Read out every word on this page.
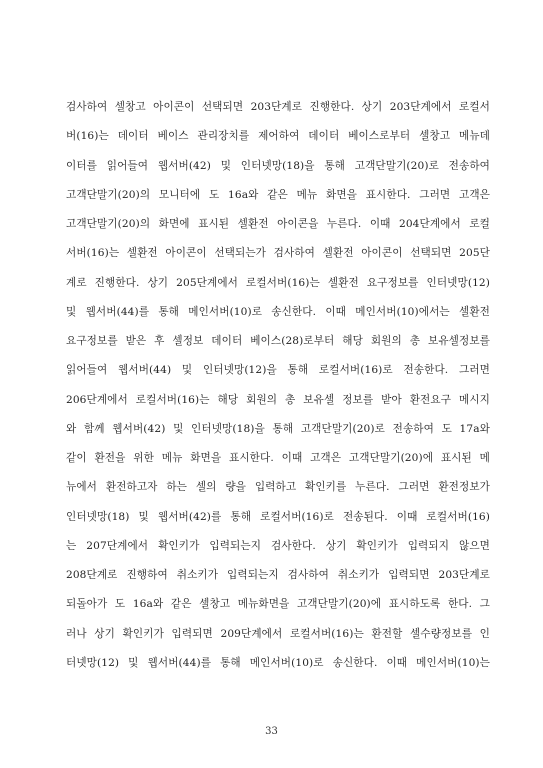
검사하여 셀창고 아이콘이 선택되면 203단계로 진행한다. 상기 203단계에서 로컬서
버(16)는 데이터 베이스 관리장치를 제어하여 데이터 베이스로부터 셀창고 메뉴데
이터를 읽어들여 웹서버(42) 및 인터넷망(18)을 통해 고객단말기(20)로 전송하여
고객단말기(20)의 모니터에 도 16a와 같은 메뉴 화면을 표시한다. 그러면 고객은
고객단말기(20)의 화면에 표시된 셀환전 아이콘을 누른다. 이때 204단계에서 로컬
서버(16)는 셀환전 아이콘이 선택되는가 검사하여 셀환전 아이콘이 선택되면 205단
계로 진행한다. 상기 205단계에서 로컬서버(16)는 셀환전 요구정보를 인터넷망(12)
및 웹서버(44)를 통해 메인서버(10)로 송신한다. 이때 메인서버(10)에서는 셀환전
요구정보를 받은 후 셀정보 데이터 베이스(28)로부터 해당 회원의 총 보유셀정보를
읽어들여 웹서버(44) 및 인터넷망(12)을 통해 로컬서버(16)로 전송한다. 그러면
206단계에서 로컬서버(16)는 해당 회원의 총 보유셀 정보를 받아 환전요구 메시지
와 함께 웹서버(42) 및 인터넷망(18)을 통해 고객단말기(20)로 전송하여 도 17a와
같이 환전을 위한 메뉴 화면을 표시한다. 이때 고객은 고객단말기(20)에 표시된 메
뉴에서 환전하고자 하는 셀의 량을 입력하고 확인키를 누른다. 그러면 환전정보가
인터넷망(18) 및 웹서버(42)를 통해 로컬서버(16)로 전송된다. 이때 로컬서버(16)
는 207단계에서 확인키가 입력되는지 검사한다. 상기 확인키가 입력되지 않으면
208단계로 진행하여 취소키가 입력되는지 검사하여 취소키가 입력되면 203단계로
되돌아가 도 16a와 같은 셀창고 메뉴화면을 고객단말기(20)에 표시하도록 한다. 그
러나 상기 확인키가 입력되면 209단계에서 로컬서버(16)는 환전할 셀수량정보를 인
터넷망(12) 및 웹서버(44)를 통해 메인서버(10)로 송신한다. 이때 메인서버(10)는
33
